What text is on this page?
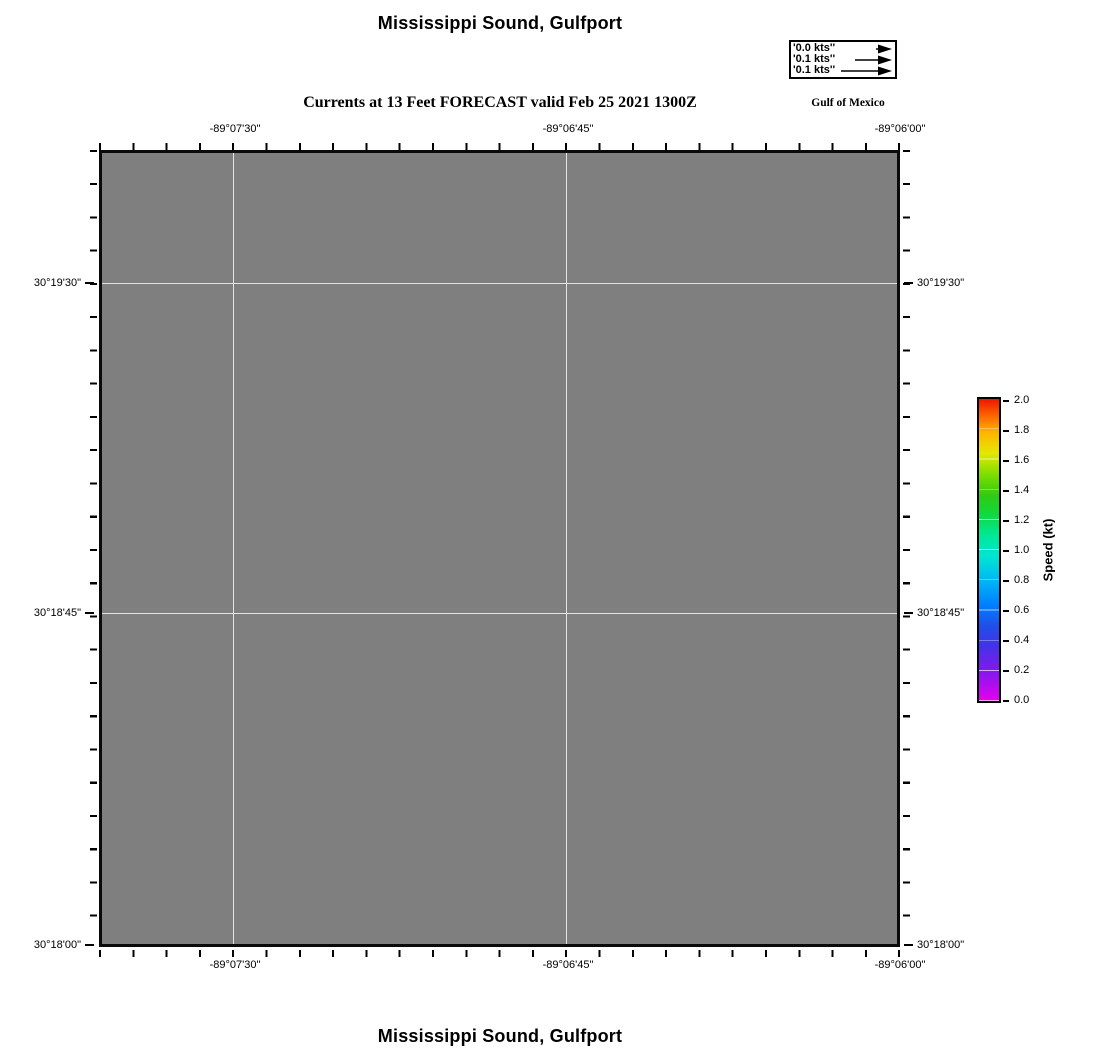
Mississippi Sound, Gulfport
'0.0 kts''
'0.1 kts''
'0.1 kts''
Currents at 13 Feet FORECAST valid Feb 25 2021 1300Z	Gulf of Mexico
-89°07'30"	-89°06'45"	-89°06'00"
-89°07'30"	-89°06'45"	-89°06'00"
30°19'30"
30°18'45"
30°18'00"
30°19'30"
30°18'45"
30°18'00"
2.0
1.8
1.6
1.4
1.2
1.0
0.8
0.6
0.4
0.2
0.0
Speed (kt)
Mississippi Sound, Gulfport
